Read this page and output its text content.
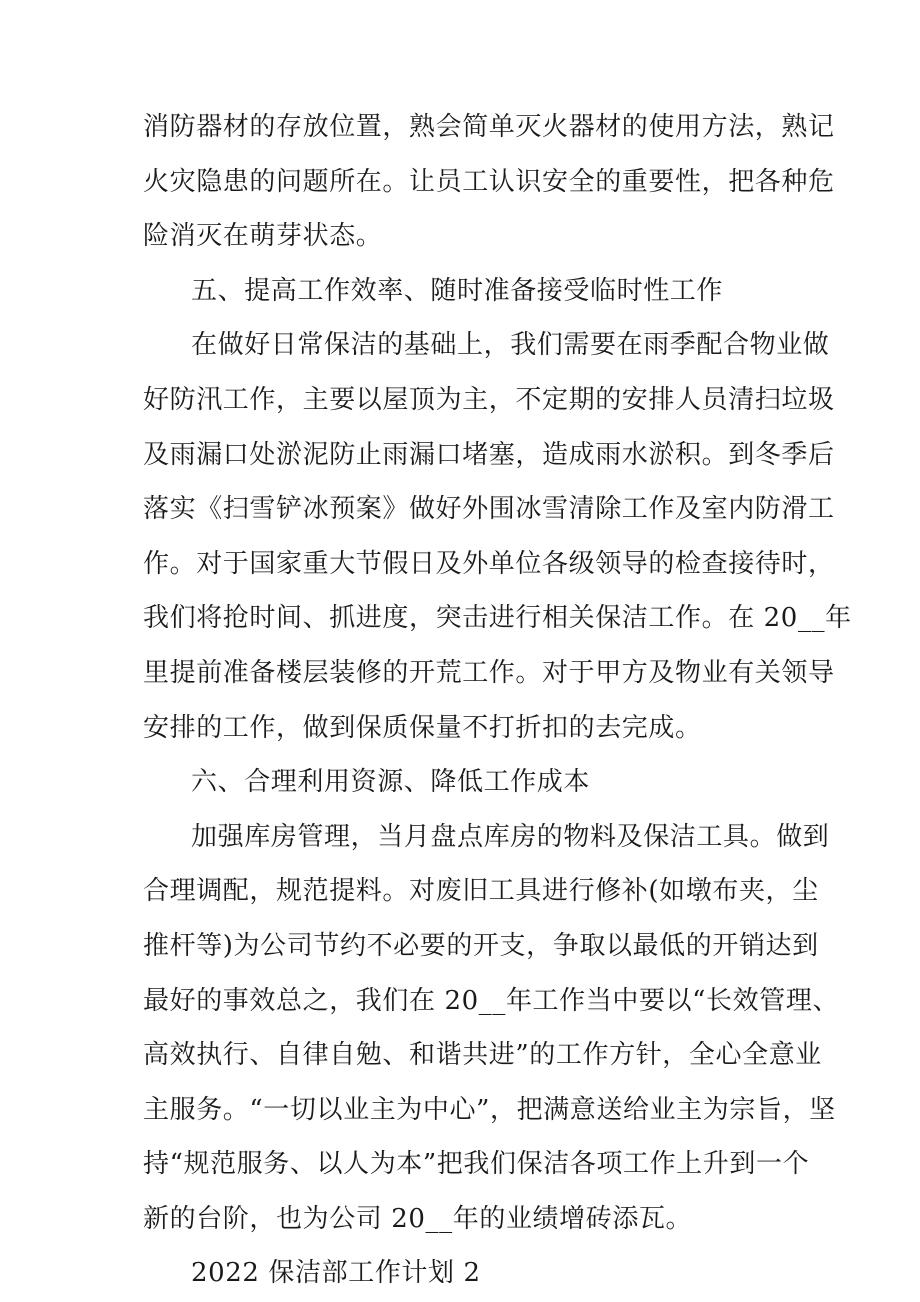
消防器材的存放位置，熟会简单灭火器材的使用方法，熟记
火灾隐患的问题所在。让员工认识安全的重要性，把各种危
险消灭在萌芽状态。
五、提高工作效率、随时准备接受临时性工作
在做好日常保洁的基础上，我们需要在雨季配合物业做
好防汛工作，主要以屋顶为主，不定期的安排人员清扫垃圾
及雨漏口处淤泥防止雨漏口堵塞，造成雨水淤积。到冬季后
落实《扫雪铲冰预案》做好外围冰雪清除工作及室内防滑工
作。对于国家重大节假日及外单位各级领导的检查接待时，
我们将抢时间、抓进度，突击进行相关保洁工作。在 20__年
里提前准备楼层装修的开荒工作。对于甲方及物业有关领导
安排的工作，做到保质保量不打折扣的去完成。
六、合理利用资源、降低工作成本
加强库房管理，当月盘点库房的物料及保洁工具。做到
合理调配，规范提料。对废旧工具进行修补(如墩布夹，尘
推杆等)为公司节约不必要的开支，争取以最低的开销达到
最好的事效总之，我们在 20__年工作当中要以“长效管理、
高效执行、自律自勉、和谐共进”的工作方针，全心全意业
主服务。“一切以业主为中心”，把满意送给业主为宗旨，坚
持“规范服务、以人为本”把我们保洁各项工作上升到一个
新的台阶，也为公司 20__年的业绩增砖添瓦。
2022 保洁部工作计划 2
